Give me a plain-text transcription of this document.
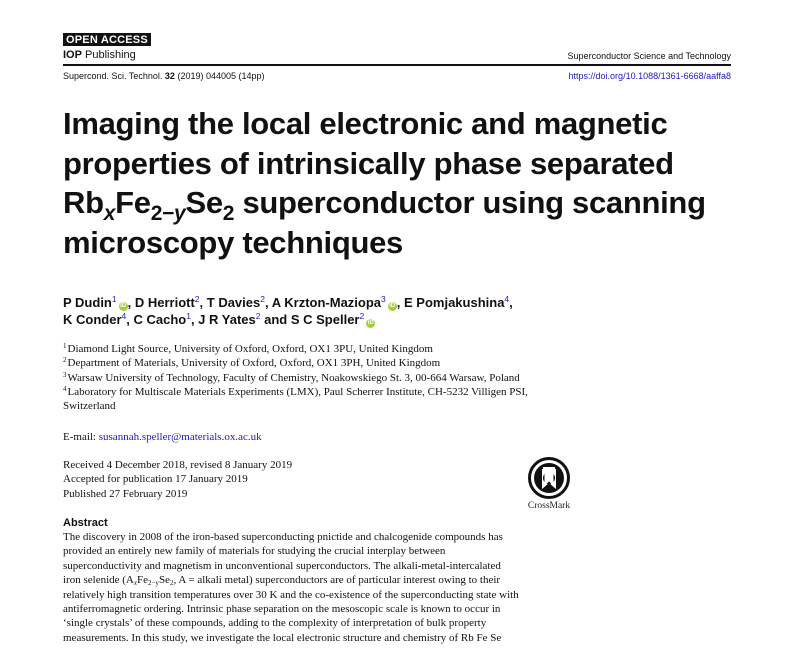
OPEN ACCESS
IOP Publishing	Superconductor Science and Technology
Supercond. Sci. Technol. 32 (2019) 044005 (14pp)	https://doi.org/10.1088/1361-6668/aaffa8
Imaging the local electronic and magnetic
properties of intrinsically phase separated
$Rb_xFe_{2-y}Se_2$ superconductor using scanning
microscopy techniques
P Dudin$^1$iD , D Herriott$^2$, T Davies$^2$, A Krzton-Maziopa$^3$iD , E Pomjakushina$^4$,
K Conder$^4$, C Cacho$^1$, J R Yates$^2$ and S C Speller$^2$iD
$^1$Diamond Light Source, University of Oxford, Oxford, OX1 3PU, United Kingdom
$^2$Department of Materials, University of Oxford, Oxford, OX1 3PH, United Kingdom
$^3$Warsaw University of Technology, Faculty of Chemistry, Noakowskiego St. 3, 00-664 Warsaw, Poland
$^4$Laboratory for Multiscale Materials Experiments (LMX), Paul Scherrer Institute, CH-5232 Villigen PSI,
Switzerland
E-mail: susannah.speller@materials.ox.ac.uk
Received 4 December 2018, revised 8 January 2019
Accepted for publication 17 January 2019
Published 27 February 2019
CrossMark
Abstract

The discovery in 2008 of the iron-based superconducting pnictide and chalcogenide compounds has
provided an entirely new family of materials for studying the crucial interplay between
superconductivity and magnetism in unconventional superconductors. The alkali-metal-intercalated
iron selenide ($A_xFe_{2-y}Se_2$, A = alkali metal) superconductors are of particular interest owing to their
relatively high transition temperatures over 30 K and the co-existence of the superconducting state with
antiferromagnetic ordering. Intrinsic phase separation on the mesoscopic scale is known to occur in
‘single crystals’ of these compounds, adding to the complexity of interpretation of bulk property
measurements. In this study, we investigate the local electronic structure and chemistry of Rb Fe Se
